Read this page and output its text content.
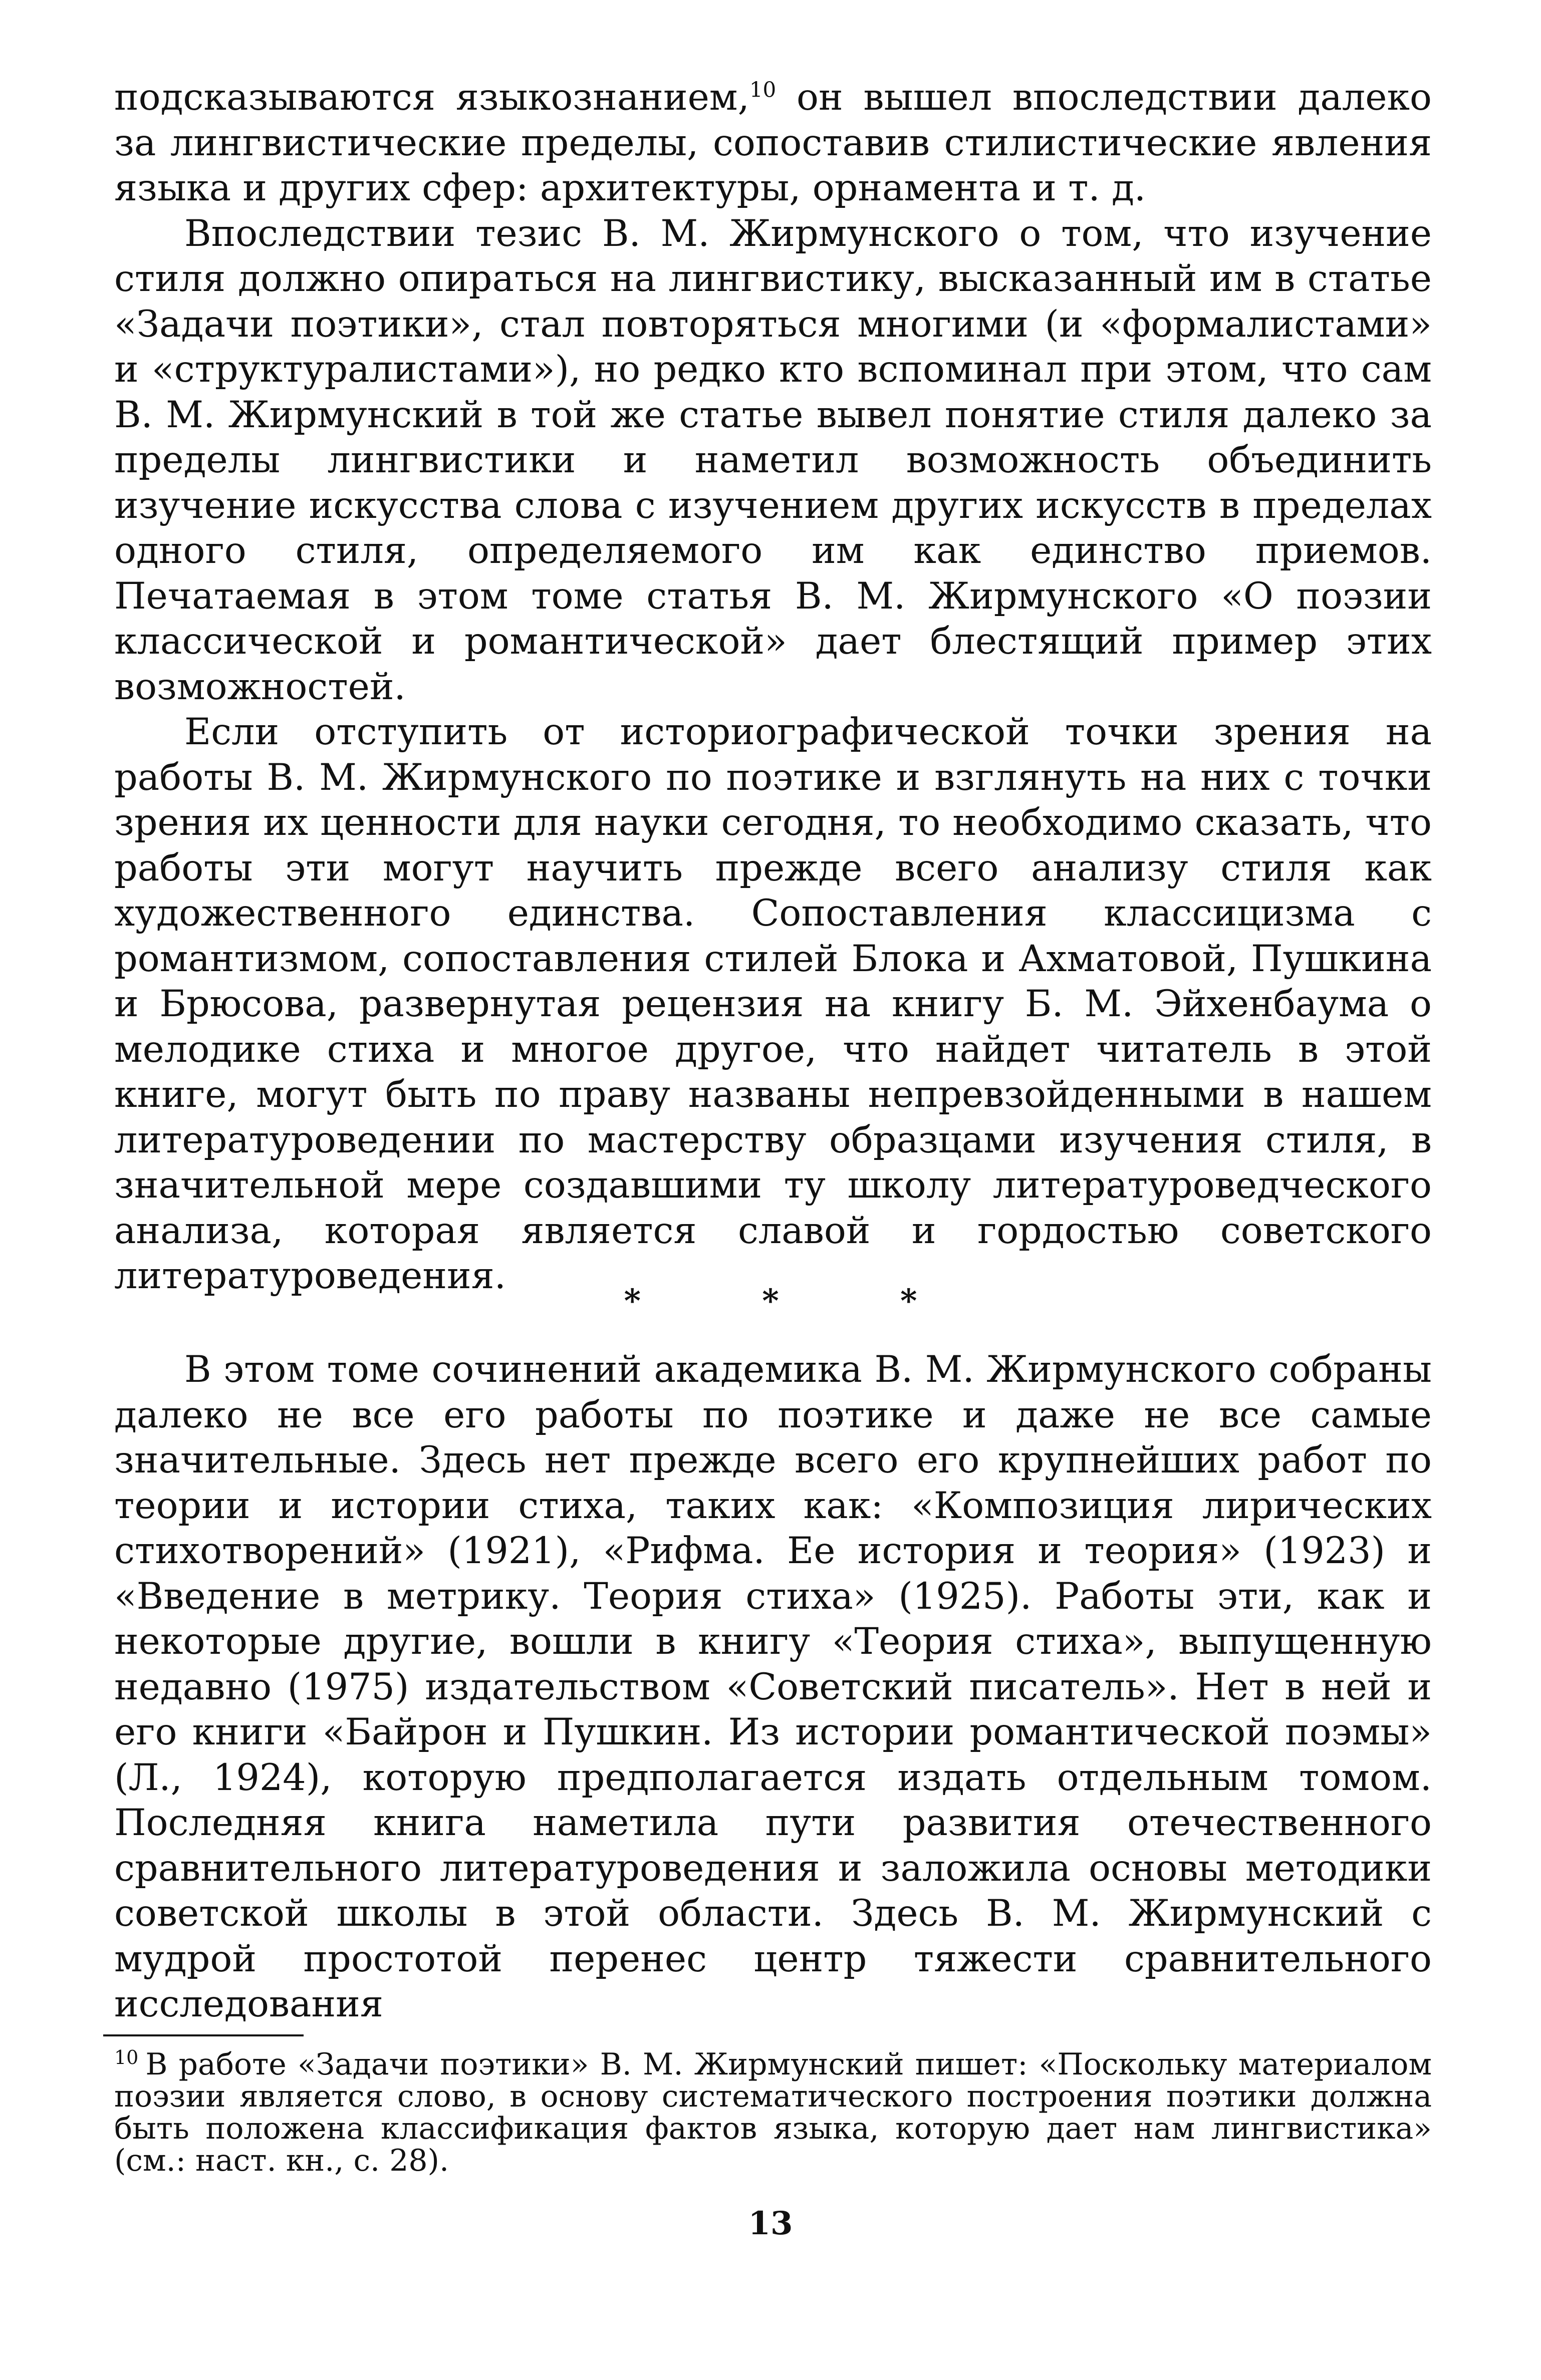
подсказываются языкознанием,$^{10}$ он вышел впоследствии далеко за лингвистические пределы, сопоставив стилистические явления языка и других сфер: архитектуры, орнамента и т. д.

Впоследствии тезис В. М. Жирмунского о том, что изучение стиля должно опираться на лингвистику, высказанный им в статье «Задачи поэтики», стал повторяться многими (и «формалистами» и «структуралистами»), но редко кто вспоминал при этом, что сам В. М. Жирмунский в той же статье вывел понятие стиля далеко за пределы лингвистики и наметил возможность объединить изучение искусства слова с изучением других искусств в пределах одного стиля, определяемого им как единство приемов. Печатаемая в этом томе статья В. М. Жирмунского «О поэзии классической и романтической» дает блестящий пример этих возможностей.

Если отступить от историографической точки зрения на работы В. М. Жирмунского по поэтике и взглянуть на них с точки зрения их ценности для науки сегодня, то необходимо сказать, что работы эти могут научить прежде всего анализу стиля как художественного единства. Сопоставления классицизма с романтизмом, сопоставления стилей Блока и Ахматовой, Пушкина и Брюсова, развернутая рецензия на книгу Б. М. Эйхенбаума о мелодике стиха и многое другое, что найдет читатель в этой книге, могут быть по праву названы непревзойденными в нашем литературоведении по мастерству образцами изучения стиля, в значительной мере создавшими ту школу литературоведческого анализа, которая является славой и гордостью советского литературоведения.

* * *

В этом томе сочинений академика В. М. Жирмунского собраны далеко не все его работы по поэтике и даже не все самые значительные. Здесь нет прежде всего его крупнейших работ по теории и истории стиха, таких как: «Композиция лирических стихотворений» (1921), «Рифма. Ее история и теория» (1923) и «Введение в метрику. Теория стиха» (1925). Работы эти, как и некоторые другие, вошли в книгу «Теория стиха», выпущенную недавно (1975) издательством «Советский писатель». Нет в ней и его книги «Байрон и Пушкин. Из истории романтической поэмы» (Л., 1924), которую предполагается издать отдельным томом. Последняя книга наметила пути развития отечественного сравнительного литературоведения и заложила основы методики советской школы в этой области. Здесь В. М. Жирмунский с мудрой простотой перенес центр тяжести сравнительного исследования

$^{10}$ В работе «Задачи поэтики» В. М. Жирмунский пишет: «Поскольку материалом поэзии является слово, в основу систематического построения поэтики должна быть положена классификация фактов языка, которую дает нам лингвистика» (см.: наст. кн., с. 28).

13
